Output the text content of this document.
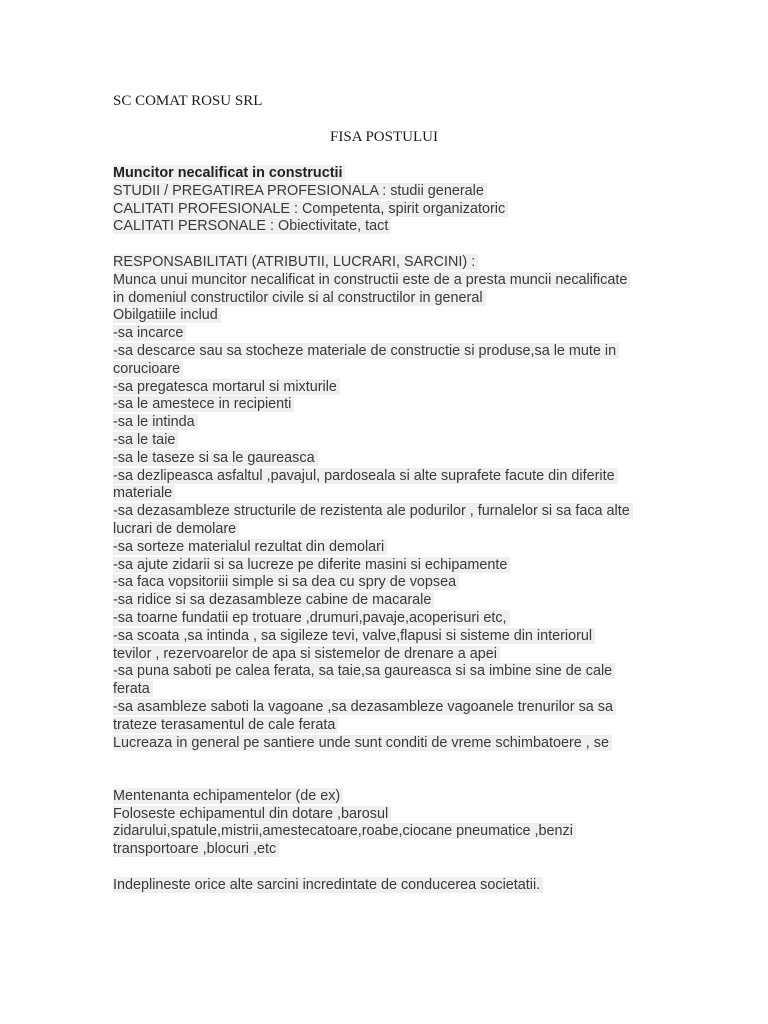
SC COMAT ROSU SRL
FISA POSTULUI
Muncitor necalificat in constructii
STUDII / PREGATIREA PROFESIONALA : studii generale
CALITATI PROFESIONALE : Competenta, spirit organizatoric
CALITATI PERSONALE : Obiectivitate, tact
RESPONSABILITATI (ATRIBUTII, LUCRARI, SARCINI) :
Munca unui muncitor necalificat in constructii este de a presta muncii necalificate
in domeniul constructilor civile si al constructilor in general
Obilgatiile includ
-sa incarce
-sa descarce sau sa stocheze materiale de constructie si produse,sa le mute in
corucioare
-sa pregatesca mortarul si mixturile
-sa le amestece in recipienti
-sa le intinda
-sa le taie
-sa le taseze si sa le gaureasca
-sa dezlipeasca asfaltul ,pavajul, pardoseala si alte suprafete facute din diferite
materiale
-sa dezasambleze structurile de rezistenta ale podurilor , furnalelor si sa faca alte
lucrari de demolare
-sa sorteze materialul rezultat din demolari
-sa ajute zidarii si sa lucreze pe diferite masini si echipamente
-sa faca vopsitoriii simple si sa dea cu spry de vopsea
-sa ridice si sa dezasambleze cabine de macarale
-sa toarne fundatii ep trotuare ,drumuri,pavaje,acoperisuri etc,
-sa scoata ,sa intinda , sa sigileze tevi, valve,flapusi si sisteme din interiorul
tevilor , rezervoarelor de apa si sistemelor de drenare a apei
-sa puna saboti pe calea ferata, sa taie,sa gaureasca si sa imbine sine de cale
ferata
-sa asambleze saboti la vagoane ,sa dezasambleze vagoanele trenurilor sa sa
trateze terasamentul de cale ferata
Lucreaza in general pe santiere unde sunt conditi de vreme schimbatoere , se
Mentenanta echipamentelor (de ex)
Foloseste echipamentul din dotare ,barosul
zidarului,spatule,mistrii,amestecatoare,roabe,ciocane pneumatice ,benzi
transportoare ,blocuri ,etc
Indeplineste orice alte sarcini incredintate de conducerea societatii.
